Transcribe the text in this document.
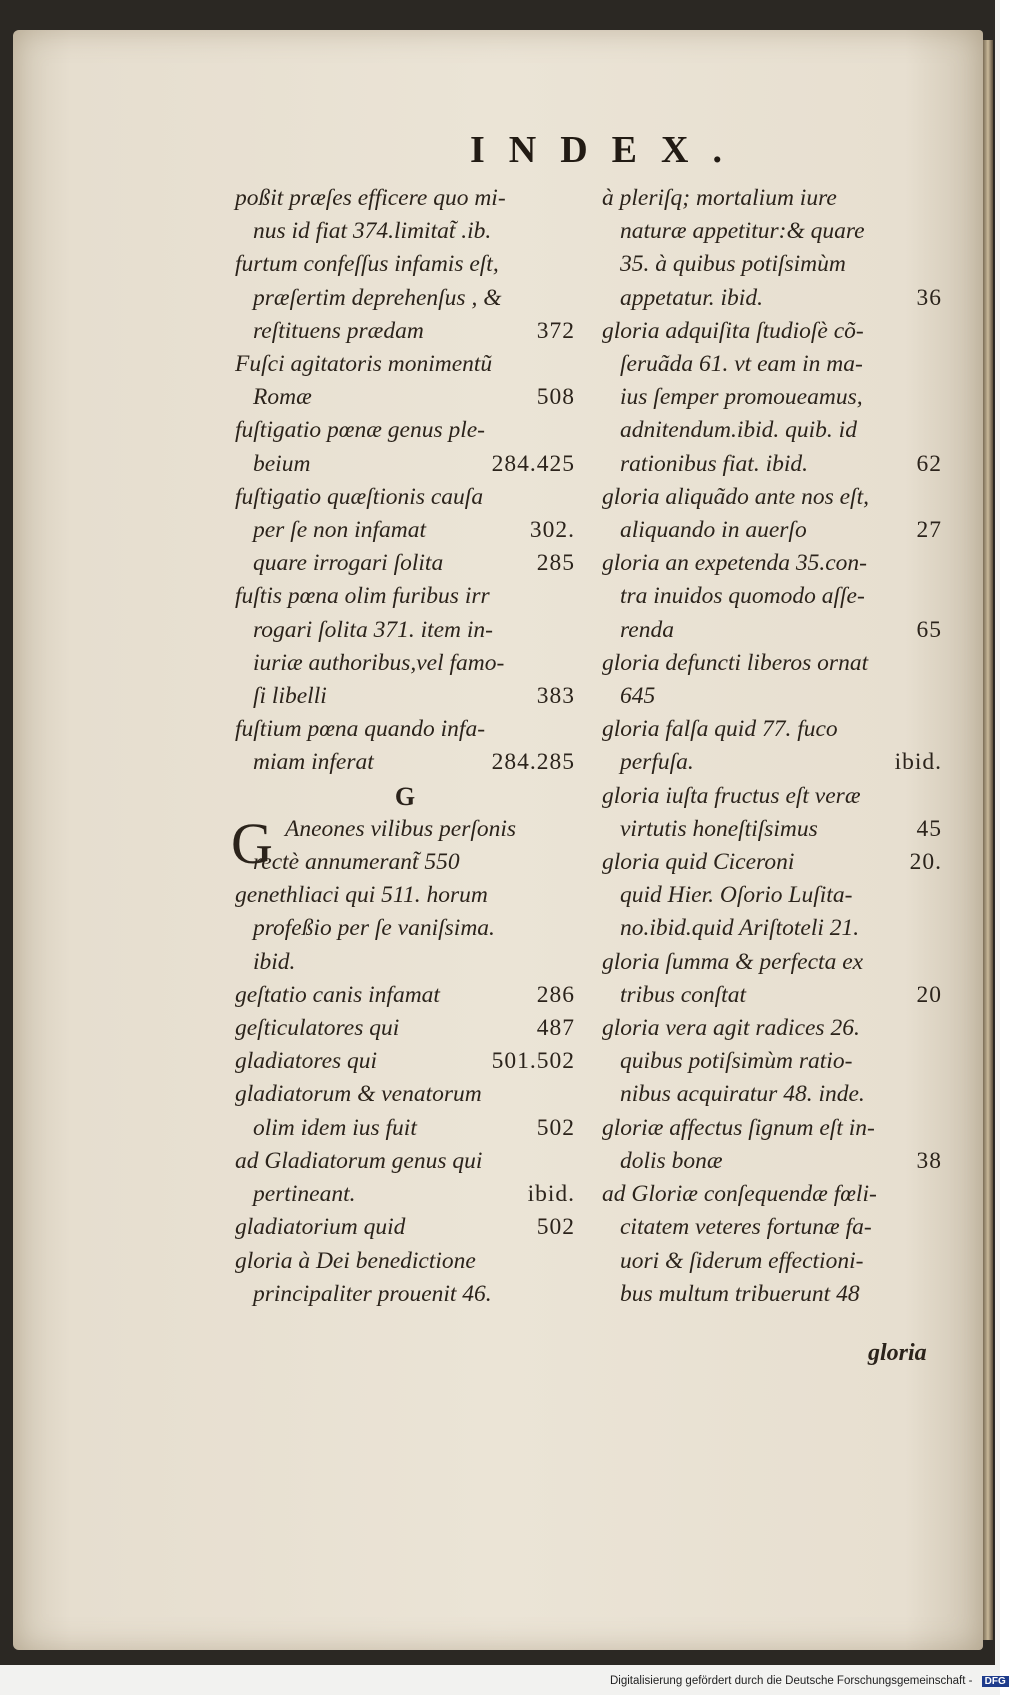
INDEX.
poßit præſes efficere quo mi-
nus id fiat 374.limitat̃ .ib.
furtum confeſſus infamis eſt,
præſertim deprehenſus , &
reſtituens prædam	372
Fuſci agitatoris monimentũ
Romæ	508
fuſtigatio pœnæ genus ple-
beium	284.425
fuſtigatio quæſtionis cauſa
per ſe non infamat	302.
quare irrogari ſolita	285
fuſtis pœna olim furibus irr
rogari ſolita 371. item in-
iuriæ authoribus,vel famo-
ſi libelli	383
fuſtium pœna quando infa-
miam inferat	284.285
G
Aneones vilibus perſonis
rectè annumerant̃ 550
G
genethliaci qui 511. horum
profeßio per ſe vaniſsima.
ibid.
geſtatio canis infamat	286
geſticulatores qui	487
gladiatores qui	501.502
gladiatorum & venatorum
olim idem ius fuit	502
ad Gladiatorum genus qui
pertineant.	ibid.
gladiatorium quid	502
gloria à Dei benedictione
principaliter prouenit 46.
à pleriſq; mortalium iure
naturæ appetitur:& quare
35. à quibus potiſsimùm
appetatur. ibid.	36
gloria adquiſita ſtudioſè cõ-
ſeruãda 61. vt eam in ma-
ius ſemper promoueamus,
adnitendum.ibid. quib. id
rationibus fiat. ibid.	62
gloria aliquãdo ante nos eſt,
aliquando in auerſo	27
gloria an expetenda 35.con-
tra inuidos quomodo aſſe-
renda	65
gloria defuncti liberos ornat
645
gloria falſa quid 77. fuco
perfuſa.	ibid.
gloria iuſta fructus eſt veræ
virtutis honeſtiſsimus	45
gloria quid Ciceroni	20.
quid Hier. Oſorio Luſita-
no.ibid.quid Ariſtoteli 21.
gloria ſumma & perfecta ex
tribus conſtat	20
gloria vera agit radices 26.
quibus potiſsimùm ratio-
nibus acquiratur 48. inde.
gloriæ affectus ſignum eſt in-
dolis bonæ	38
ad Gloriæ conſequendæ fœli-
citatem veteres fortunæ fa-
uori & ſiderum effectioni-
bus multum tribuerunt 48
gloria
Digitalisierung gefördert durch die Deutsche Forschungsgemeinschaft - DFG
